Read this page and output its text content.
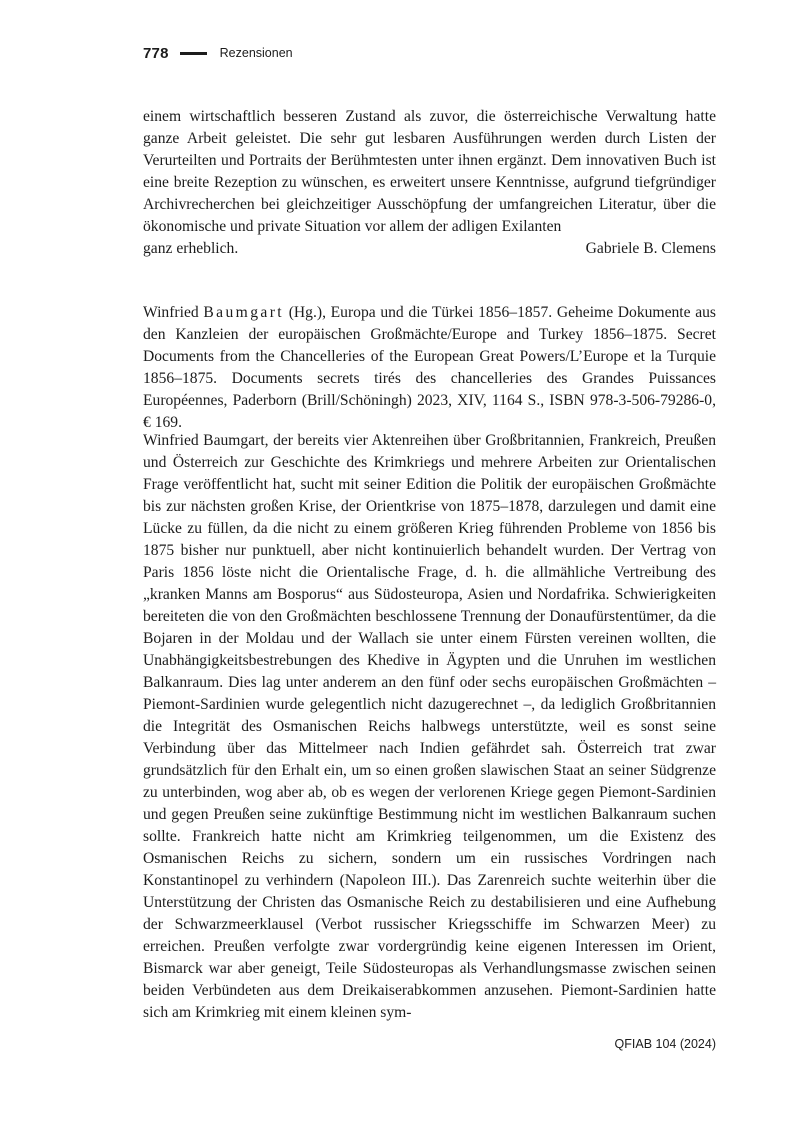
778	Rezensionen

einem wirtschaftlich besseren Zustand als zuvor, die österreichische Verwaltung hatte ganze Arbeit geleistet. Die sehr gut lesbaren Ausführungen werden durch Listen der Verurteilten und Portraits der Berühmtesten unter ihnen ergänzt. Dem innovativen Buch ist eine breite Rezeption zu wünschen, es erweitert unsere Kenntnisse, aufgrund tiefgründiger Archivrecherchen bei gleichzeitiger Ausschöpfung der umfangreichen Literatur, über die ökonomische und private Situation vor allem der adligen Exilanten

ganz erheblich.	Gabriele B. Clemens

Winfried Baumgart (Hg.), Europa und die Türkei 1856–1857. Geheime Dokumente aus den Kanzleien der europäischen Großmächte/Europe and Turkey 1856–1875. Secret Documents from the Chancelleries of the European Great Powers/L’Europe et la Turquie 1856–1875. Documents secrets tirés des chancelleries des Grandes Puissances Européennes, Paderborn (Brill/Schöningh) 2023, XIV, 1164 S., ISBN 978-3-506-79286-0, € 169.

Winfried Baumgart, der bereits vier Aktenreihen über Großbritannien, Frankreich, Preußen und Österreich zur Geschichte des Krimkriegs und mehrere Arbeiten zur Orientalischen Frage veröffentlicht hat, sucht mit seiner Edition die Politik der europäischen Großmächte bis zur nächsten großen Krise, der Orientkrise von 1875–1878, darzulegen und damit eine Lücke zu füllen, da die nicht zu einem größeren Krieg führenden Probleme von 1856 bis 1875 bisher nur punktuell, aber nicht kontinuierlich behandelt wurden. Der Vertrag von Paris 1856 löste nicht die Orientalische Frage, d. h. die allmähliche Vertreibung des „kranken Manns am Bosporus“ aus Südosteuropa, Asien und Nordafrika. Schwierigkeiten bereiteten die von den Großmächten beschlossene Trennung der Donaufürstentümer, da die Bojaren in der Moldau und der Wallach sie unter einem Fürsten vereinen wollten, die Unabhängigkeitsbestrebungen des Khedive in Ägypten und die Unruhen im westlichen Balkanraum. Dies lag unter anderem an den fünf oder sechs europäischen Großmächten – Piemont-Sardinien wurde gelegentlich nicht dazugerechnet –, da lediglich Großbritannien die Integrität des Osmanischen Reichs halbwegs unterstützte, weil es sonst seine Verbindung über das Mittelmeer nach Indien gefährdet sah. Österreich trat zwar grundsätzlich für den Erhalt ein, um so einen großen slawischen Staat an seiner Südgrenze zu unterbinden, wog aber ab, ob es wegen der verlorenen Kriege gegen Piemont-Sardinien und gegen Preußen seine zukünftige Bestimmung nicht im westlichen Balkanraum suchen sollte. Frankreich hatte nicht am Krimkrieg teilgenommen, um die Existenz des Osmanischen Reichs zu sichern, sondern um ein russisches Vordringen nach Konstantinopel zu verhindern (Napoleon III.). Das Zarenreich suchte weiterhin über die Unterstützung der Christen das Osmanische Reich zu destabilisieren und eine Aufhebung der Schwarzmeerklausel (Verbot russischer Kriegsschiffe im Schwarzen Meer) zu erreichen. Preußen verfolgte zwar vordergründig keine eigenen Interessen im Orient, Bismarck war aber geneigt, Teile Südosteuropas als Verhandlungsmasse zwischen seinen beiden Verbündeten aus dem Dreikaiserabkommen anzusehen. Piemont-Sardinien hatte sich am Krimkrieg mit einem kleinen sym-

QFIAB 104 (2024)
